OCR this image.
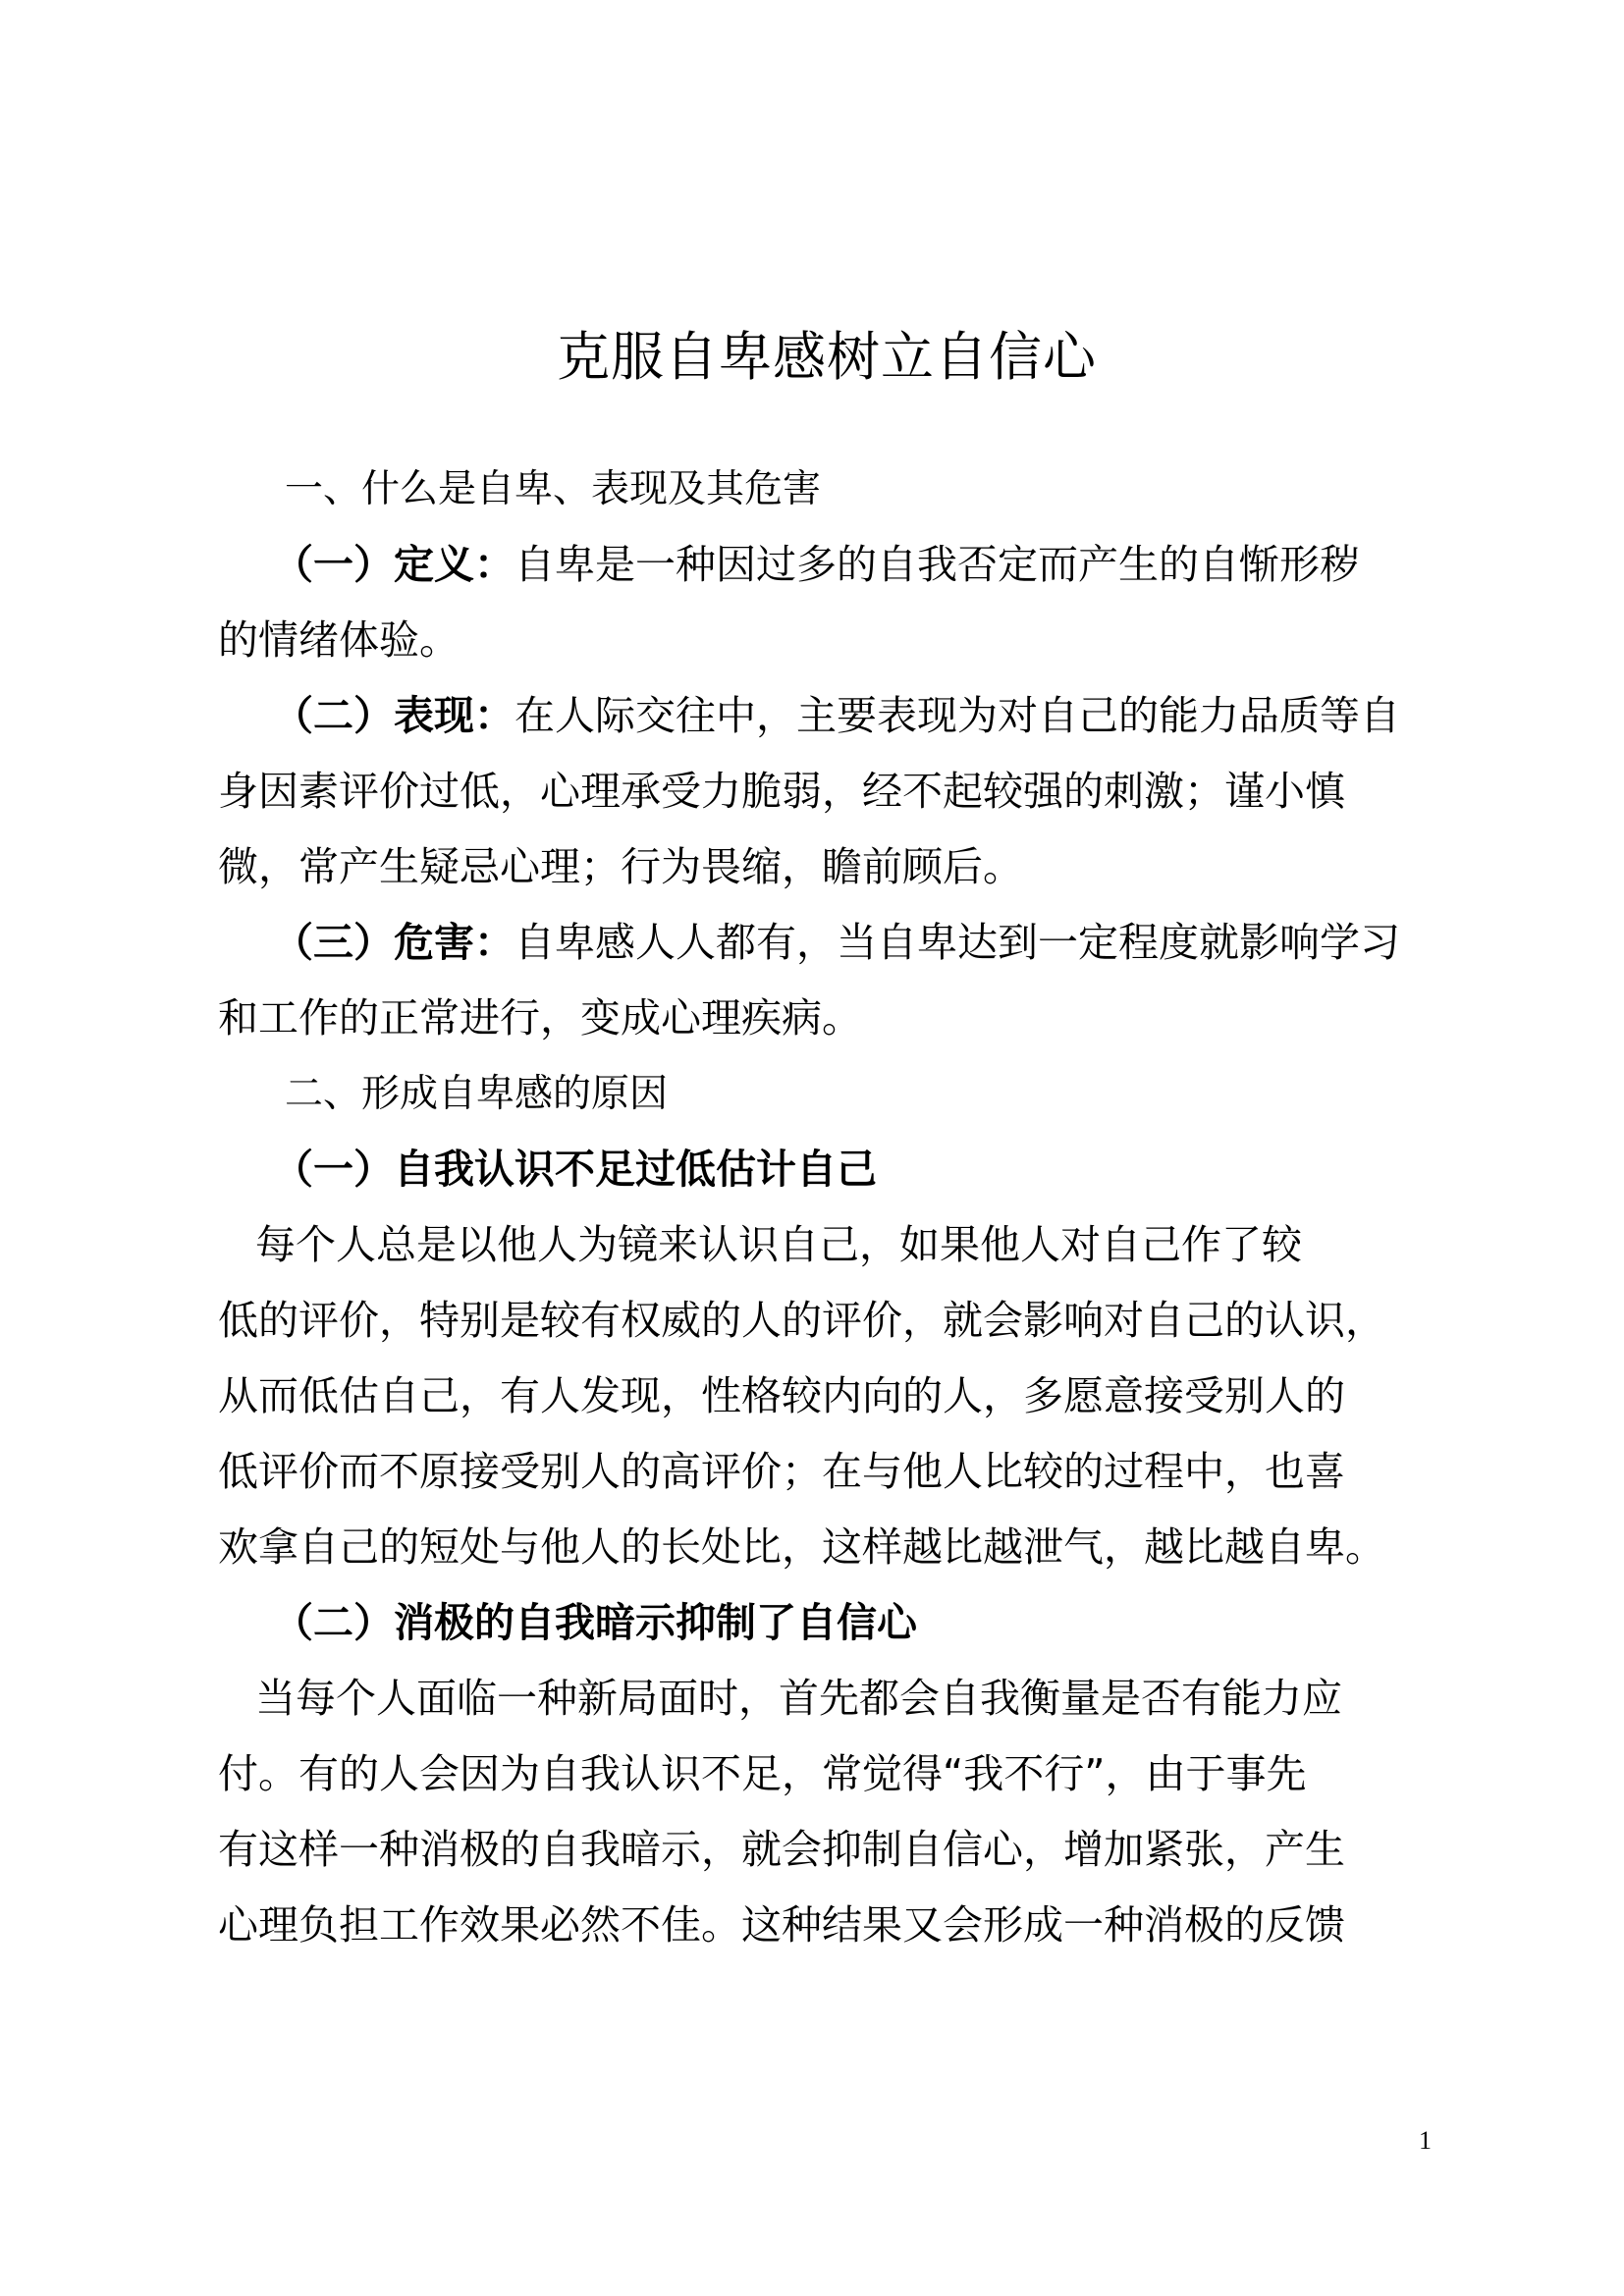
克服自卑感树立自信心
一、什么是自卑、表现及其危害
（一）定义：自卑是一种因过多的自我否定而产生的自惭形秽
的情绪体验。
（二）表现：在人际交往中，主要表现为对自己的能力品质等自
身因素评价过低，心理承受力脆弱，经不起较强的刺激；谨小慎
微，常产生疑忌心理；行为畏缩，瞻前顾后。
（三）危害：自卑感人人都有，当自卑达到一定程度就影响学习
和工作的正常进行，变成心理疾病。
二、形成自卑感的原因
（一）自我认识不足过低估计自己
每个人总是以他人为镜来认识自己，如果他人对自己作了较
低的评价，特别是较有权威的人的评价，就会影响对自己的认识，
从而低估自己，有人发现，性格较内向的人，多愿意接受别人的
低评价而不原接受别人的高评价；在与他人比较的过程中，也喜
欢拿自己的短处与他人的长处比，这样越比越泄气，越比越自卑。
（二）消极的自我暗示抑制了自信心
当每个人面临一种新局面时，首先都会自我衡量是否有能力应
付。有的人会因为自我认识不足，常觉得“我不行”，由于事先
有这样一种消极的自我暗示，就会抑制自信心，增加紧张，产生
心理负担工作效果必然不佳。这种结果又会形成一种消极的反馈
1
